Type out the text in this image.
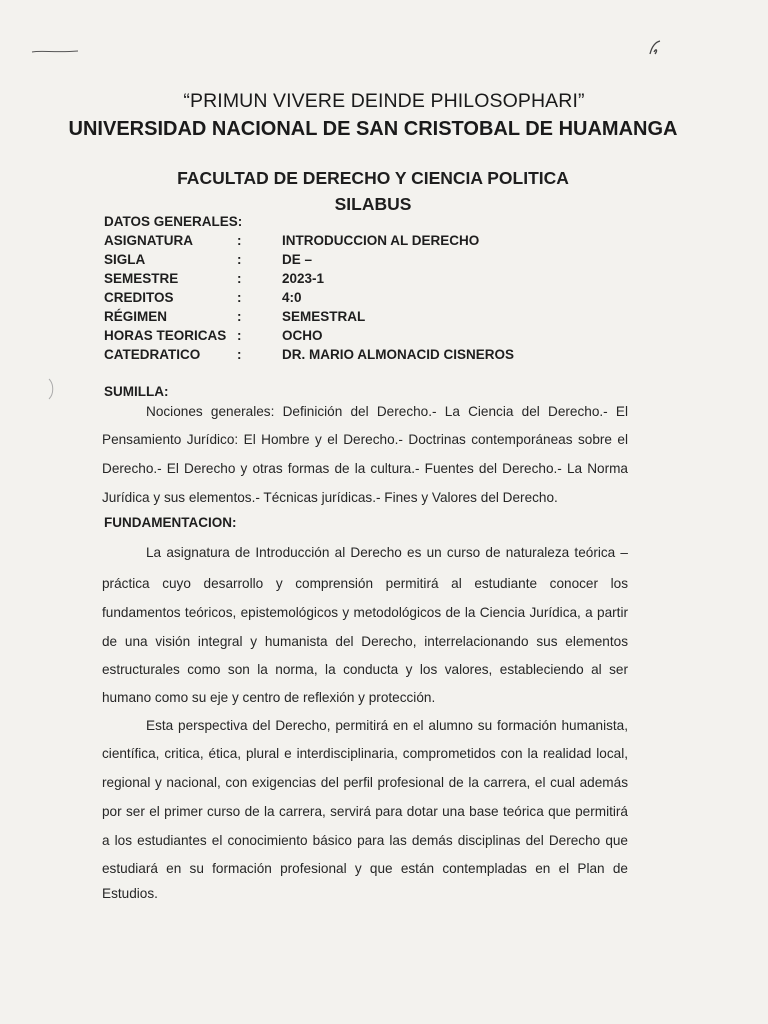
“PRIMUN VIVERE DEINDE PHILOSOPHARI”
UNIVERSIDAD NACIONAL DE SAN CRISTOBAL DE HUAMANGA
FACULTAD DE DERECHO Y CIENCIA POLITICA
SILABUS
DATOS GENERALES:
ASIGNATURA	:	INTRODUCCION AL DERECHO
SIGLA	:	DE –
SEMESTRE	:	2023-1
CREDITOS	:	4:0
RÉGIMEN	:	SEMESTRAL
HORAS TEORICAS :	OCHO
CATEDRATICO	:	DR. MARIO ALMONACID CISNEROS
SUMILLA:
Nociones generales: Definición del Derecho.- La Ciencia del Derecho.- El
Pensamiento Jurídico: El Hombre y el Derecho.- Doctrinas contemporáneas sobre el
Derecho.- El Derecho y otras formas de la cultura.- Fuentes del Derecho.- La Norma
Jurídica y sus elementos.- Técnicas jurídicas.- Fines y Valores del Derecho.
FUNDAMENTACION:
La asignatura de Introducción al Derecho es un curso de naturaleza teórica –
práctica cuyo desarrollo y comprensión permitirá al estudiante conocer los
fundamentos teóricos, epistemológicos y metodológicos de la Ciencia Jurídica, a partir
de una visión integral y humanista del Derecho, interrelacionando sus elementos
estructurales como son la norma, la conducta y los valores, estableciendo al ser
humano como su eje y centro de reflexión y protección.
Esta perspectiva del Derecho, permitirá en el alumno su formación humanista,
científica, critica, ética, plural e interdisciplinaria, comprometidos con la realidad local,
regional y nacional, con exigencias del perfil profesional de la carrera, el cual además
por ser el primer curso de la carrera, servirá para dotar una base teórica que permitirá
a los estudiantes el conocimiento básico para las demás disciplinas del Derecho que
estudiará en su formación profesional y que están contempladas en el Plan de
Estudios.
